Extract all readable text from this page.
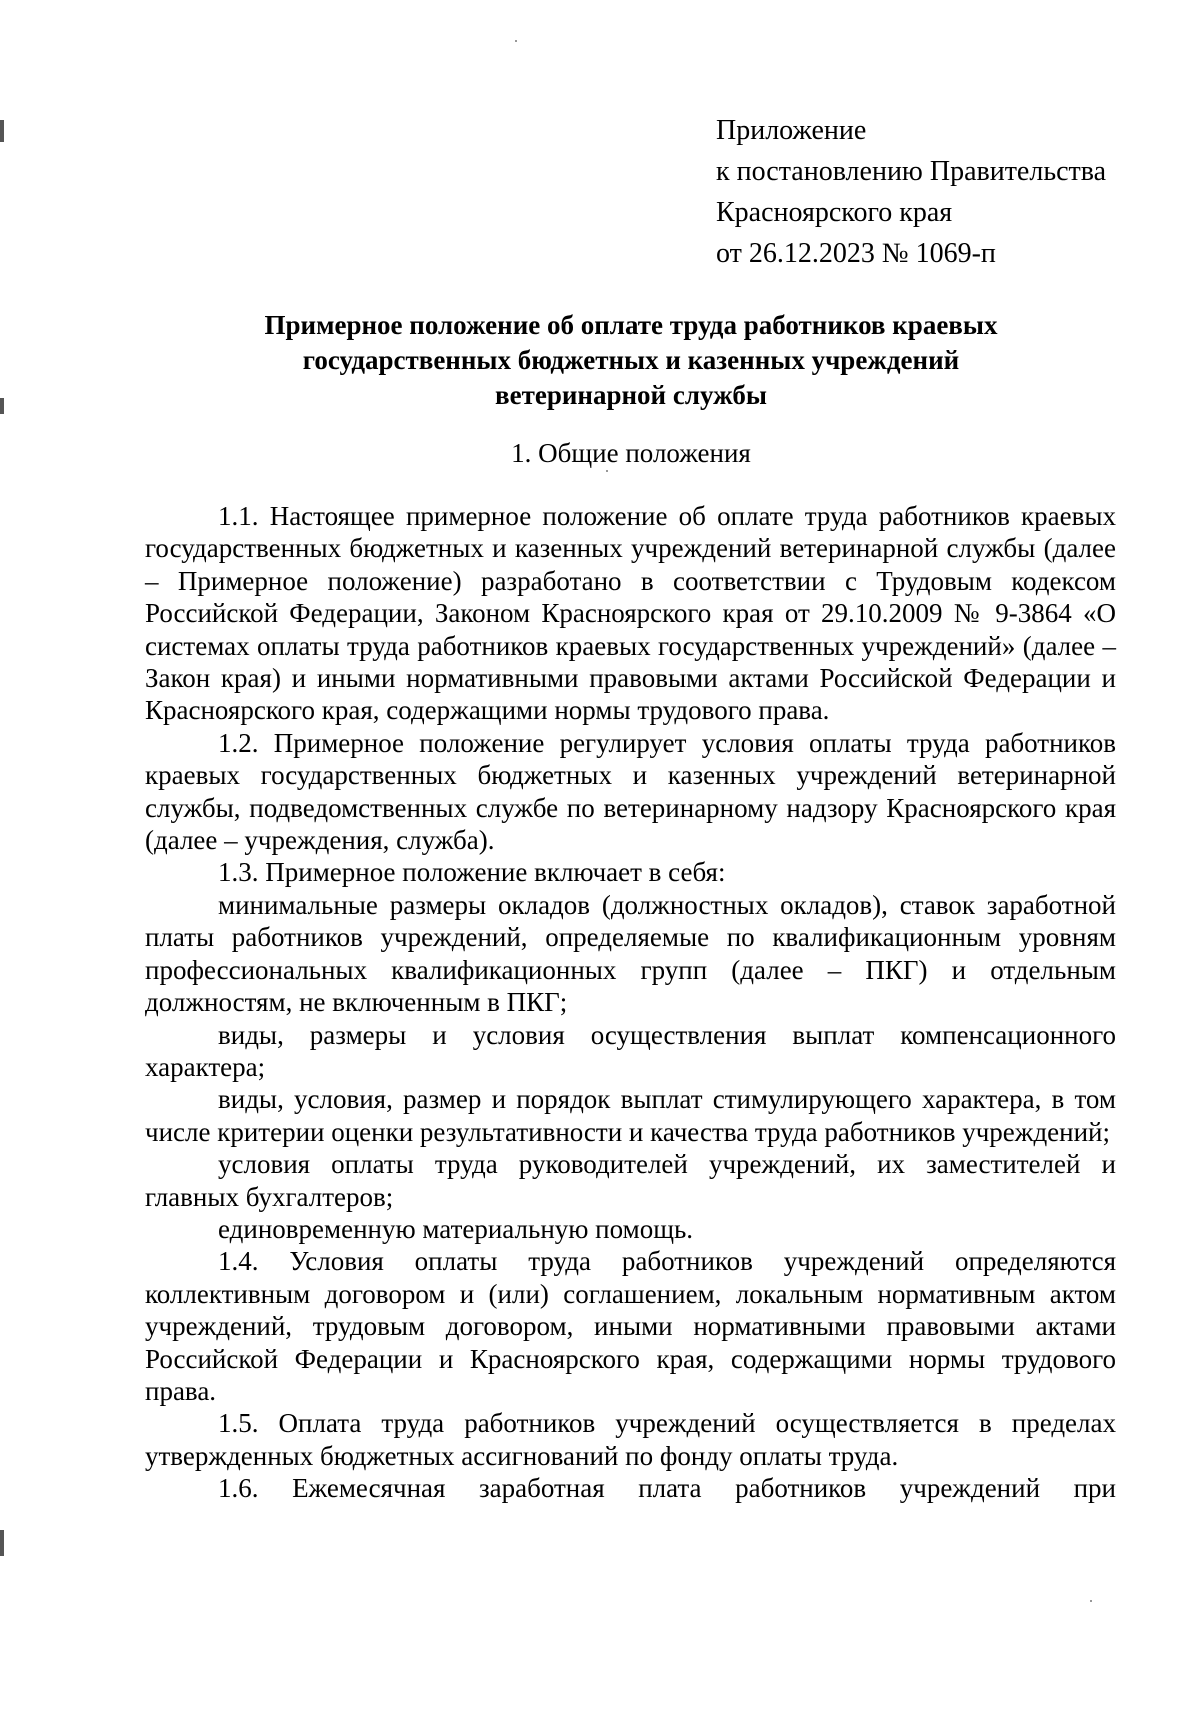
Приложение
к постановлению Правительства
Красноярского края
от 26.12.2023 № 1069-п
Примерное положение об оплате труда работников краевых
государственных бюджетных и казенных учреждений
ветеринарной службы
1. Общие положения

1.1. Настоящее примерное положение об оплате труда работников краевых государственных бюджетных и казенных учреждений ветеринарной службы (далее – Примерное положение) разработано в соответствии с Трудовым кодексом Российской Федерации, Законом Красноярского края от 29.10.2009 № 9-3864 «О системах оплаты труда работников краевых государственных учреждений» (далее – Закон края) и иными нормативными правовыми актами Российской Федерации и Красноярского края, содержащими нормы трудового права.

1.2. Примерное положение регулирует условия оплаты труда работников краевых государственных бюджетных и казенных учреждений ветеринарной службы, подведомственных службе по ветеринарному надзору Красноярского края (далее – учреждения, служба).

1.3. Примерное положение включает в себя:

минимальные размеры окладов (должностных окладов), ставок заработной платы работников учреждений, определяемые по квалификационным уровням профессиональных квалификационных групп (далее – ПКГ) и отдельным должностям, не включенным в ПКГ;

виды, размеры и условия осуществления выплат компенсационного характера;

виды, условия, размер и порядок выплат стимулирующего характера, в том числе критерии оценки результативности и качества труда работников учреждений;

условия оплаты труда руководителей учреждений, их заместителей и главных бухгалтеров;

единовременную материальную помощь.

1.4. Условия оплаты труда работников учреждений определяются коллективным договором и (или) соглашением, локальным нормативным актом учреждений, трудовым договором, иными нормативными правовыми актами Российской Федерации и Красноярского края, содержащими нормы трудового права.

1.5. Оплата труда работников учреждений осуществляется в пределах утвержденных бюджетных ассигнований по фонду оплаты труда.

1.6. Ежемесячная заработная плата работников учреждений при
